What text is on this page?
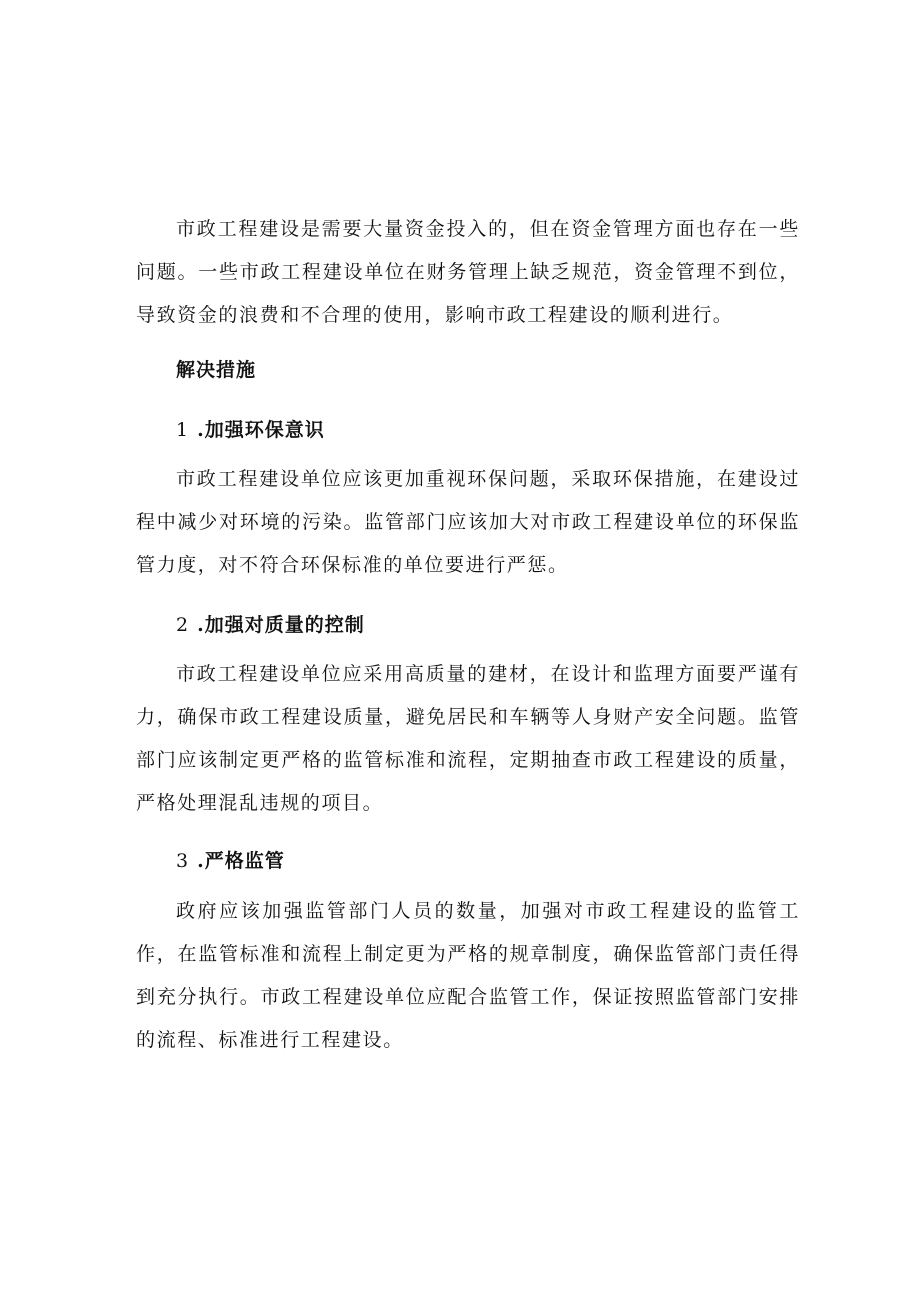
市政工程建设是需要大量资金投入的，但在资金管理方面也存在一些问题。一些市政工程建设单位在财务管理上缺乏规范，资金管理不到位，导致资金的浪费和不合理的使用，影响市政工程建设的顺利进行。

解决措施

1 .加强环保意识

市政工程建设单位应该更加重视环保问题，采取环保措施，在建设过程中减少对环境的污染。监管部门应该加大对市政工程建设单位的环保监管力度，对不符合环保标准的单位要进行严惩。

2 .加强对质量的控制

市政工程建设单位应采用高质量的建材，在设计和监理方面要严谨有力，确保市政工程建设质量，避免居民和车辆等人身财产安全问题。监管部门应该制定更严格的监管标准和流程，定期抽查市政工程建设的质量，严格处理混乱违规的项目。

3 .严格监管

政府应该加强监管部门人员的数量，加强对市政工程建设的监管工作，在监管标准和流程上制定更为严格的规章制度，确保监管部门责任得到充分执行。市政工程建设单位应配合监管工作，保证按照监管部门安排的流程、标准进行工程建设。
